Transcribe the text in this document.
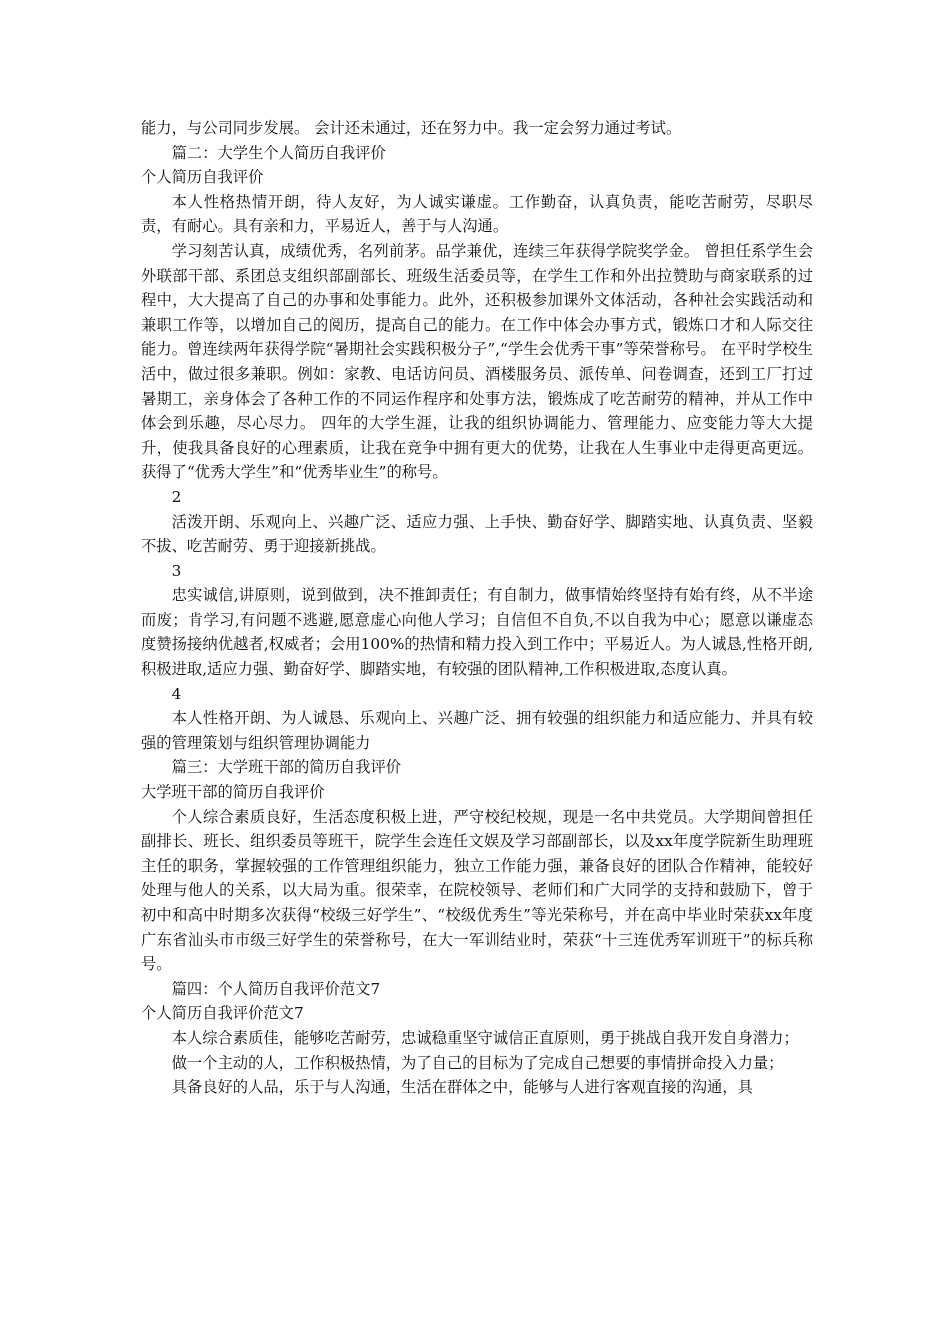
能力，与公司同步发展。 会计还未通过，还在努力中。我一定会努力通过考试。

篇二：大学生个人简历自我评价

个人简历自我评价

本人性格热情开朗，待人友好，为人诚实谦虚。工作勤奋，认真负责，能吃苦耐劳，尽职尽责，有耐心。具有亲和力，平易近人，善于与人沟通。

学习刻苦认真，成绩优秀，名列前茅。品学兼优，连续三年获得学院奖学金。 曾担任系学生会外联部干部、系团总支组织部副部长、班级生活委员等，在学生工作和外出拉赞助与商家联系的过程中，大大提高了自己的办事和处事能力。此外，还积极参加课外文体活动，各种社会实践活动和兼职工作等，以增加自己的阅历，提高自己的能力。在工作中体会办事方式，锻炼口才和人际交往能力。曾连续两年获得学院“暑期社会实践积极分子”,“学生会优秀干事”等荣誉称号。 在平时学校生活中，做过很多兼职。例如：家教、电话访问员、酒楼服务员、派传单、问卷调查，还到工厂打过暑期工，亲身体会了各种工作的不同运作程序和处事方法，锻炼成了吃苦耐劳的精神，并从工作中体会到乐趣，尽心尽力。 四年的大学生涯，让我的组织协调能力、管理能力、应变能力等大大提升，使我具备良好的心理素质，让我在竞争中拥有更大的优势，让我在人生事业中走得更高更远。获得了“优秀大学生”和“优秀毕业生”的称号。

2

活泼开朗、乐观向上、兴趣广泛、适应力强、上手快、勤奋好学、脚踏实地、认真负责、坚毅不拔、吃苦耐劳、勇于迎接新挑战。

3

忠实诚信,讲原则，说到做到，决不推卸责任；有自制力，做事情始终坚持有始有终，从不半途而废；肯学习,有问题不逃避,愿意虚心向他人学习；自信但不自负,不以自我为中心；愿意以谦虚态度赞扬接纳优越者,权威者；会用100%的热情和精力投入到工作中；平易近人。为人诚恳,性格开朗,积极进取,适应力强、勤奋好学、脚踏实地，有较强的团队精神,工作积极进取,态度认真。

4

本人性格开朗、为人诚恳、乐观向上、兴趣广泛、拥有较强的组织能力和适应能力、并具有较强的管理策划与组织管理协调能力

篇三：大学班干部的简历自我评价

大学班干部的简历自我评价

个人综合素质良好，生活态度积极上进，严守校纪校规，现是一名中共党员。大学期间曾担任副排长、班长、组织委员等班干，院学生会连任文娱及学习部副部长，以及xx年度学院新生助理班主任的职务，掌握较强的工作管理组织能力，独立工作能力强，兼备良好的团队合作精神，能较好处理与他人的关系，以大局为重。很荣幸，在院校领导、老师们和广大同学的支持和鼓励下，曾于初中和高中时期多次获得“校级三好学生”、“校级优秀生”等光荣称号，并在高中毕业时荣获xx年度广东省汕头市市级三好学生的荣誉称号，在大一军训结业时，荣获“十三连优秀军训班干”的标兵称号。

篇四：个人简历自我评价范文7

个人简历自我评价范文7

本人综合素质佳，能够吃苦耐劳，忠诚稳重坚守诚信正直原则，勇于挑战自我开发自身潜力；

做一个主动的人，工作积极热情，为了自己的目标为了完成自己想要的事情拼命投入力量；

具备良好的人品，乐于与人沟通，生活在群体之中，能够与人进行客观直接的沟通，具
